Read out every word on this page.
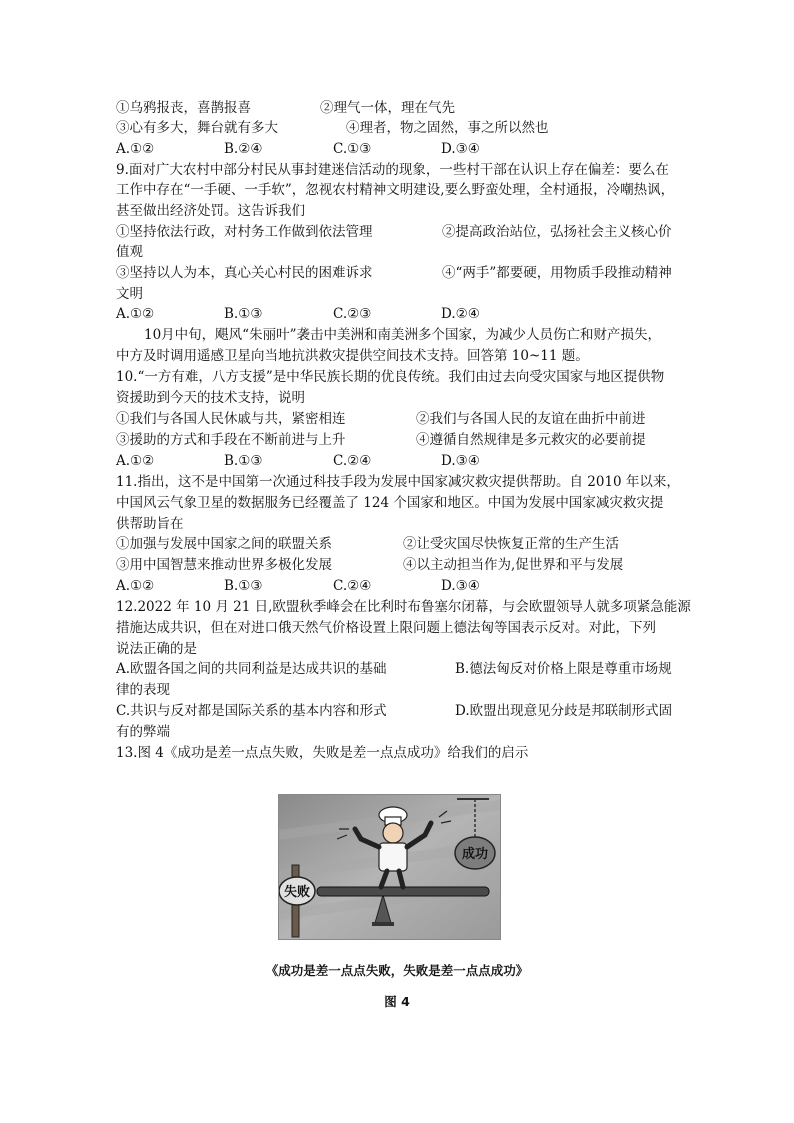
①乌鸦报丧，喜鹊报喜	②理气一体，理在气先
③心有多大，舞台就有多大	④理者，物之固然，事之所以然也
A.①②	B.②④	C.①③	D.③④
9.面对广大农村中部分村民从事封建迷信活动的现象，一些村干部在认识上存在偏差：要么在
工作中存在“一手硬、一手软”，忽视农村精神文明建设,要么野蛮处理，全村通报，冷嘲热讽，
甚至做出经济处罚。这告诉我们
①坚持依法行政，对村务工作做到依法管理	②提高政治站位，弘扬社会主义核心价
值观
③坚持以人为本，真心关心村民的困难诉求	④“两手”都要硬，用物质手段推动精神
文明
A.①②	B.①③	C.②③	D.②④
10月中旬，飓风“朱丽叶”袭击中美洲和南美洲多个国家，为减少人员伤亡和财产损失，
中方及时调用遥感卫星向当地抗洪救灾提供空间技术支持。回答第 10~11 题。
10.“一方有难，八方支援”是中华民族长期的优良传统。我们由过去向受灾国家与地区提供物
资援助到今天的技术支持，说明
①我们与各国人民休戚与共，紧密相连	②我们与各国人民的友谊在曲折中前进
③援助的方式和手段在不断前进与上升	④遵循自然规律是多元救灾的必要前提
A.①②	B.①③	C.②④	D.③④
11.指出，这不是中国第一次通过科技手段为发展中国家减灾救灾提供帮助。自 2010 年以来，
中国风云气象卫星的数据服务已经覆盖了 124 个国家和地区。中国为发展中国家减灾救灾提
供帮助旨在
①加强与发展中国家之间的联盟关系	②让受灾国尽快恢复正常的生产生活
③用中国智慧来推动世界多极化发展	④以主动担当作为,促世界和平与发展
A.①②	B.①③	C.②④	D.③④
12.2022 年 10 月 21 日,欧盟秋季峰会在比利时布鲁塞尔闭幕，与会欧盟领导人就多项紧急能源
措施达成共识，但在对进口俄天然气价格设置上限问题上德法匈等国表示反对。对此，下列
说法正确的是
A.欧盟各国之间的共同利益是达成共识的基础	B.德法匈反对价格上限是尊重市场规
律的表现
C.共识与反对都是国际关系的基本内容和形式	D.欧盟出现意见分歧是邦联制形式固
有的弊端
13.图 4《成功是差一点点失败，失败是差一点点成功》给我们的启示
成功
失败
《成功是差一点点失败，失败是差一点点成功》
图 4
